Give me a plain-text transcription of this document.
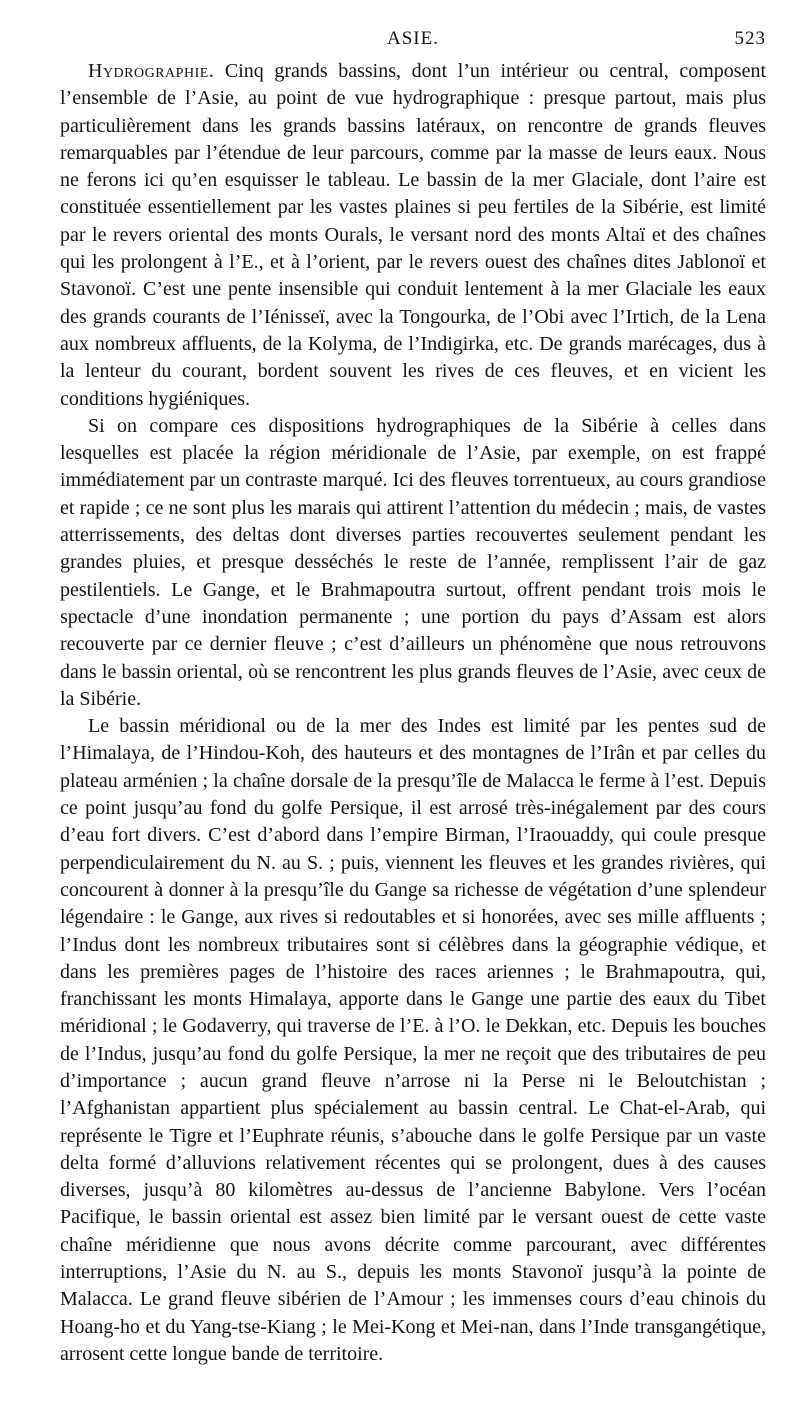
ASIE.	523

Hydrographie. Cinq grands bassins, dont l’un intérieur ou central, composent l’ensemble de l’Asie, au point de vue hydrographique : presque partout, mais plus particulièrement dans les grands bassins latéraux, on rencontre de grands fleuves remarquables par l’étendue de leur parcours, comme par la masse de leurs eaux. Nous ne ferons ici qu’en esquisser le tableau. Le bassin de la mer Glaciale, dont l’aire est constituée essentiellement par les vastes plaines si peu fertiles de la Sibérie, est limité par le revers oriental des monts Ourals, le versant nord des monts Altaï et des chaînes qui les prolongent à l’E., et à l’orient, par le revers ouest des chaînes dites Jablonoï et Stavonoï. C’est une pente insensible qui conduit lentement à la mer Glaciale les eaux des grands courants de l’Iénisseï, avec la Tongourka, de l’Obi avec l’Irtich, de la Lena aux nombreux affluents, de la Kolyma, de l’Indigirka, etc. De grands marécages, dus à la lenteur du courant, bordent souvent les rives de ces fleuves, et en vicient les conditions hygiéniques.

Si on compare ces dispositions hydrographiques de la Sibérie à celles dans lesquelles est placée la région méridionale de l’Asie, par exemple, on est frappé immédiatement par un contraste marqué. Ici des fleuves torrentueux, au cours grandiose et rapide ; ce ne sont plus les marais qui attirent l’attention du médecin ; mais, de vastes atterrissements, des deltas dont diverses parties recouvertes seulement pendant les grandes pluies, et presque desséchés le reste de l’année, remplissent l’air de gaz pestilentiels. Le Gange, et le Brahmapoutra surtout, offrent pendant trois mois le spectacle d’une inondation permanente ; une portion du pays d’Assam est alors recouverte par ce dernier fleuve ; c’est d’ailleurs un phénomène que nous retrouvons dans le bassin oriental, où se rencontrent les plus grands fleuves de l’Asie, avec ceux de la Sibérie.

Le bassin méridional ou de la mer des Indes est limité par les pentes sud de l’Himalaya, de l’Hindou-Koh, des hauteurs et des montagnes de l’Irân et par celles du plateau arménien ; la chaîne dorsale de la presqu’île de Malacca le ferme à l’est. Depuis ce point jusqu’au fond du golfe Persique, il est arrosé très-inégalement par des cours d’eau fort divers. C’est d’abord dans l’empire Birman, l’Iraouaddy, qui coule presque perpendiculairement du N. au S. ; puis, viennent les fleuves et les grandes rivières, qui concourent à donner à la presqu’île du Gange sa richesse de végétation d’une splendeur légendaire : le Gange, aux rives si redoutables et si honorées, avec ses mille affluents ; l’Indus dont les nombreux tributaires sont si célèbres dans la géographie védique, et dans les premières pages de l’histoire des races ariennes ; le Brahmapoutra, qui, franchissant les monts Himalaya, apporte dans le Gange une partie des eaux du Tibet méridional ; le Godaverry, qui traverse de l’E. à l’O. le Dekkan, etc. Depuis les bouches de l’Indus, jusqu’au fond du golfe Persique, la mer ne reçoit que des tributaires de peu d’importance ; aucun grand fleuve n’arrose ni la Perse ni le Beloutchistan ; l’Afghanistan appartient plus spécialement au bassin central. Le Chat-el-Arab, qui représente le Tigre et l’Euphrate réunis, s’abouche dans le golfe Persique par un vaste delta formé d’alluvions relativement récentes qui se prolongent, dues à des causes diverses, jusqu’à 80 kilomètres au-dessus de l’ancienne Babylone. Vers l’océan Pacifique, le bassin oriental est assez bien limité par le versant ouest de cette vaste chaîne méridienne que nous avons décrite comme parcourant, avec différentes interruptions, l’Asie du N. au S., depuis les monts Stavonoï jusqu’à la pointe de Malacca. Le grand fleuve sibérien de l’Amour ; les immenses cours d’eau chinois du Hoang-ho et du Yang-tse-Kiang ; le Mei-Kong et Mei-nan, dans l’Inde transgangétique, arrosent cette longue bande de territoire.
